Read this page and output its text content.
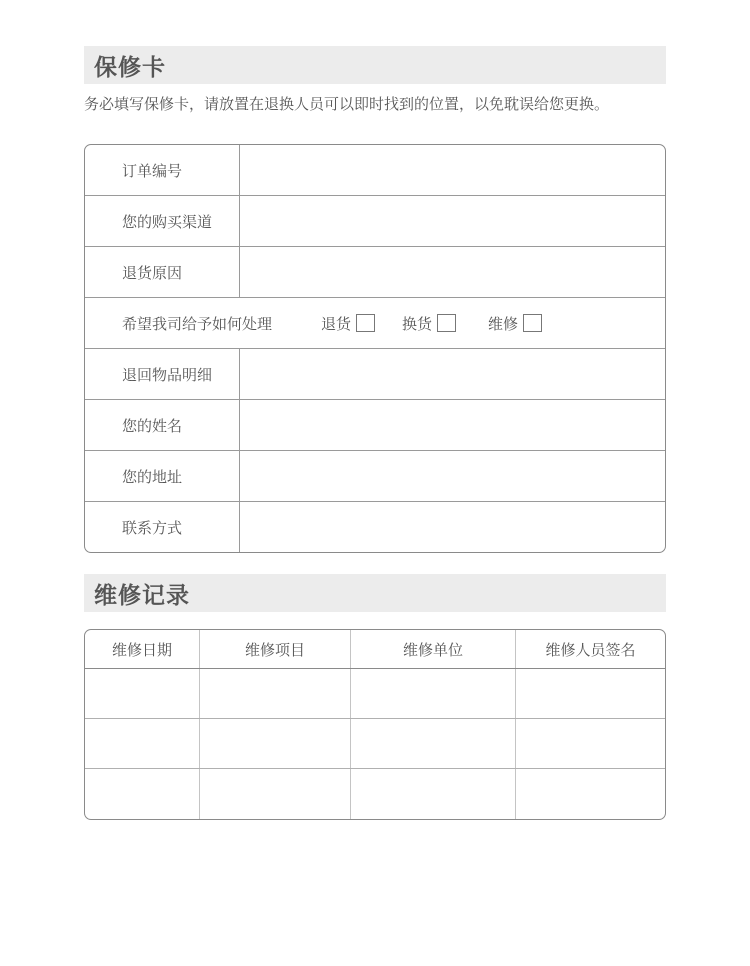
保修卡
务必填写保修卡，请放置在退换人员可以即时找到的位置，以免耽误给您更换。
订单编号
您的购买渠道
退货原因
希望我司给予如何处理	退货	换货	维修
退回物品明细
您的姓名
您的地址
联系方式
维修记录
维修日期	维修项目	维修单位	维修人员签名
